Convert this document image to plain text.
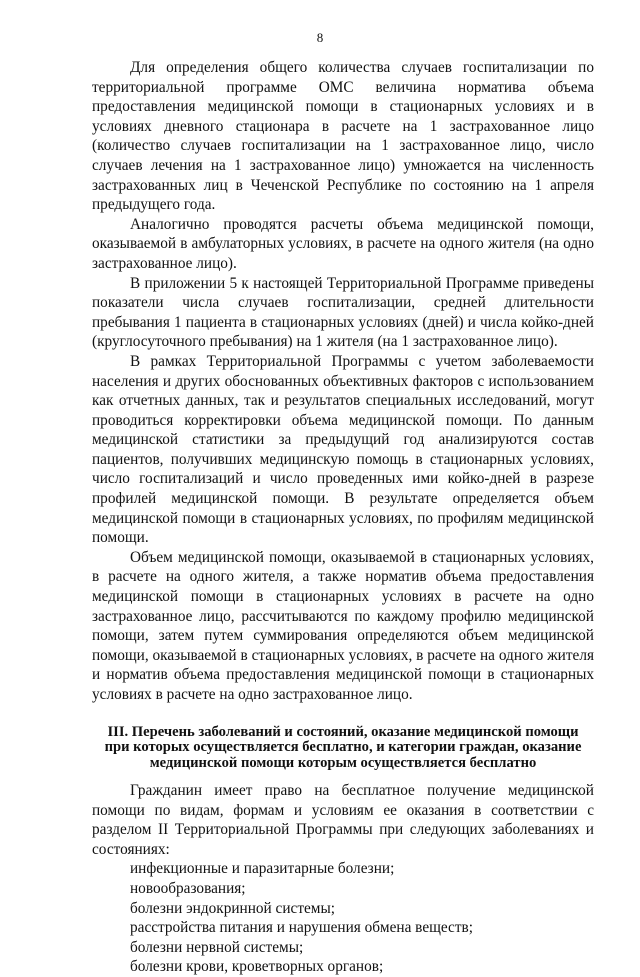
8

Для определения общего количества случаев госпитализации по территориальной программе ОМС величина норматива объема предоставления медицинской помощи в стационарных условиях и в условиях дневного стационара в расчете на 1 застрахованное лицо (количество случаев госпитализации на 1 застрахованное лицо, число случаев лечения на 1 застрахованное лицо) умножается на численность застрахованных лиц в Чеченской Республике по состоянию на 1 апреля предыдущего года.

Аналогично проводятся расчеты объема медицинской помощи, оказываемой в амбулаторных условиях, в расчете на одного жителя (на одно застрахованное лицо).

В приложении 5 к настоящей Территориальной Программе приведены показатели числа случаев госпитализации, средней длительности пребывания 1 пациента в стационарных условиях (дней) и числа койко-дней (круглосуточного пребывания) на 1 жителя (на 1 застрахованное лицо).

В рамках Территориальной Программы с учетом заболеваемости населения и других обоснованных объективных факторов с использованием как отчетных данных, так и результатов специальных исследований, могут проводиться корректировки объема медицинской помощи. По данным медицинской статистики за предыдущий год анализируются состав пациентов, получивших медицинскую помощь в стационарных условиях, число госпитализаций и число проведенных ими койко-дней в разрезе профилей медицинской помощи. В результате определяется объем медицинской помощи в стационарных условиях, по профилям медицинской помощи.

Объем медицинской помощи, оказываемой в стационарных условиях, в расчете на одного жителя, а также норматив объема предоставления медицинской помощи в стационарных условиях в расчете на одно застрахованное лицо, рассчитываются по каждому профилю медицинской помощи, затем путем суммирования определяются объем медицинской помощи, оказываемой в стационарных условиях, в расчете на одного жителя и норматив объема предоставления медицинской помощи в стационарных условиях в расчете на одно застрахованное лицо.

III. Перечень заболеваний и состояний, оказание медицинской помощи при которых осуществляется бесплатно, и категории граждан, оказание медицинской помощи которым осуществляется бесплатно

Гражданин имеет право на бесплатное получение медицинской помощи по видам, формам и условиям ее оказания в соответствии с разделом II Территориальной Программы при следующих заболеваниях и состояниях:

инфекционные и паразитарные болезни;
новообразования;
болезни эндокринной системы;
расстройства питания и нарушения обмена веществ;
болезни нервной системы;
болезни крови, кроветворных органов;
